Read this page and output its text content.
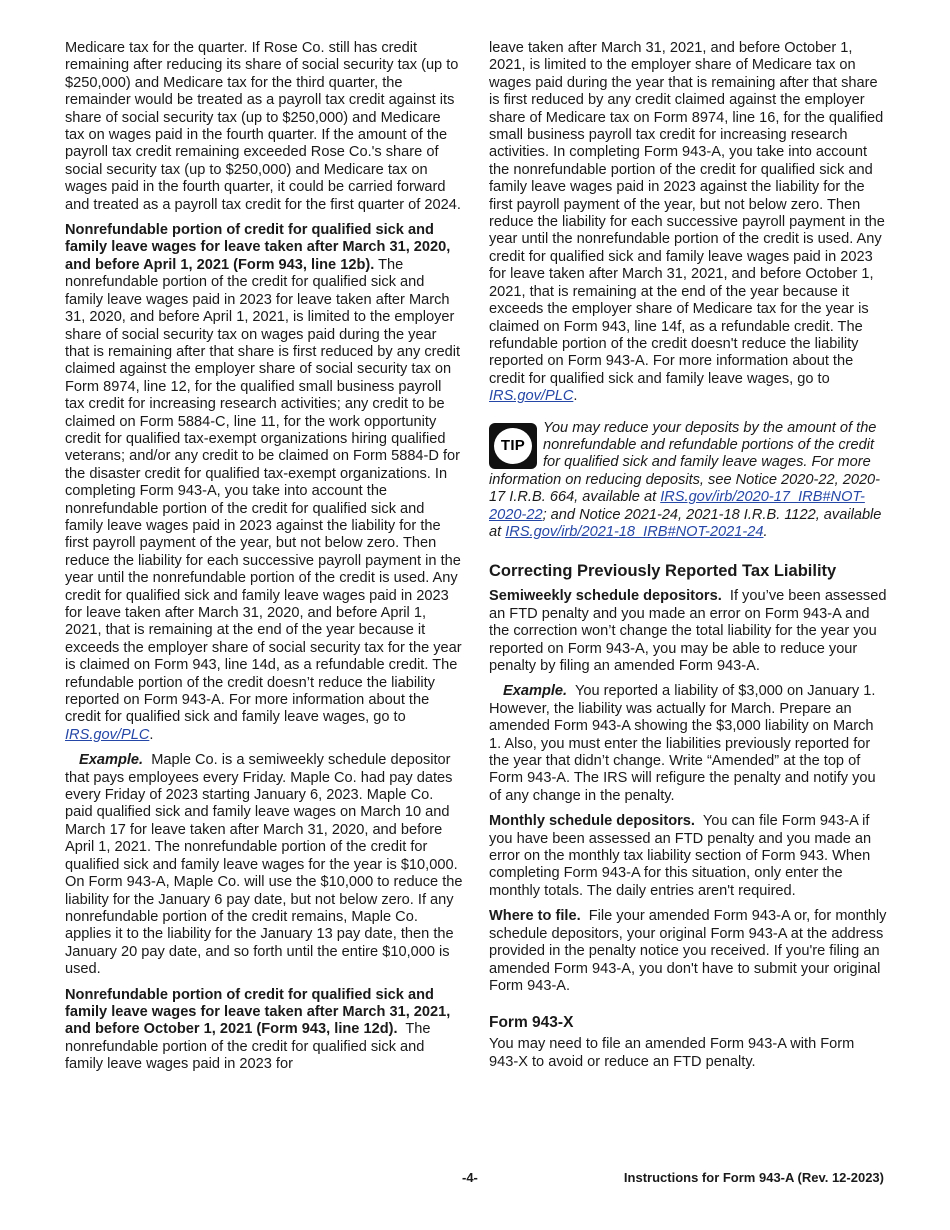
Medicare tax for the quarter. If Rose Co. still has credit remaining after reducing its share of social security tax (up to $250,000) and Medicare tax for the third quarter, the remainder would be treated as a payroll tax credit against its share of social security tax (up to $250,000) and Medicare tax on wages paid in the fourth quarter. If the amount of the payroll tax credit remaining exceeded Rose Co.'s share of social security tax (up to $250,000) and Medicare tax on wages paid in the fourth quarter, it could be carried forward and treated as a payroll tax credit for the first quarter of 2024.

Nonrefundable portion of credit for qualified sick and family leave wages for leave taken after March 31, 2020, and before April 1, 2021 (Form 943, line 12b). The nonrefundable portion of the credit for qualified sick and family leave wages paid in 2023 for leave taken after March 31, 2020, and before April 1, 2021, is limited to the employer share of social security tax on wages paid during the year that is remaining after that share is first reduced by any credit claimed against the employer share of social security tax on Form 8974, line 12, for the qualified small business payroll tax credit for increasing research activities; any credit to be claimed on Form 5884-C, line 11, for the work opportunity credit for qualified tax-exempt organizations hiring qualified veterans; and/or any credit to be claimed on Form 5884-D for the disaster credit for qualified tax-exempt organizations. In completing Form 943-A, you take into account the nonrefundable portion of the credit for qualified sick and family leave wages paid in 2023 against the liability for the first payroll payment of the year, but not below zero. Then reduce the liability for each successive payroll payment in the year until the nonrefundable portion of the credit is used. Any credit for qualified sick and family leave wages paid in 2023 for leave taken after March 31, 2020, and before April 1, 2021, that is remaining at the end of the year because it exceeds the employer share of social security tax for the year is claimed on Form 943, line 14d, as a refundable credit. The refundable portion of the credit doesn’t reduce the liability reported on Form 943-A. For more information about the credit for qualified sick and family leave wages, go to IRS.gov/PLC.

Example. Maple Co. is a semiweekly schedule depositor that pays employees every Friday. Maple Co. had pay dates every Friday of 2023 starting January 6, 2023. Maple Co. paid qualified sick and family leave wages on March 10 and March 17 for leave taken after March 31, 2020, and before April 1, 2021. The nonrefundable portion of the credit for qualified sick and family leave wages for the year is $10,000. On Form 943-A, Maple Co. will use the $10,000 to reduce the liability for the January 6 pay date, but not below zero. If any nonrefundable portion of the credit remains, Maple Co. applies it to the liability for the January 13 pay date, then the January 20 pay date, and so forth until the entire $10,000 is used.

Nonrefundable portion of credit for qualified sick and family leave wages for leave taken after March 31, 2021, and before October 1, 2021 (Form 943, line 12d). The nonrefundable portion of the credit for qualified sick and family leave wages paid in 2023 for

leave taken after March 31, 2021, and before October 1, 2021, is limited to the employer share of Medicare tax on wages paid during the year that is remaining after that share is first reduced by any credit claimed against the employer share of Medicare tax on Form 8974, line 16, for the qualified small business payroll tax credit for increasing research activities. In completing Form 943-A, you take into account the nonrefundable portion of the credit for qualified sick and family leave wages paid in 2023 against the liability for the first payroll payment of the year, but not below zero. Then reduce the liability for each successive payroll payment in the year until the nonrefundable portion of the credit is used. Any credit for qualified sick and family leave wages paid in 2023 for leave taken after March 31, 2021, and before October 1, 2021, that is remaining at the end of the year because it exceeds the employer share of Medicare tax for the year is claimed on Form 943, line 14f, as a refundable credit. The refundable portion of the credit doesn't reduce the liability reported on Form 943-A. For more information about the credit for qualified sick and family leave wages, go to IRS.gov/PLC.

TIP
You may reduce your deposits by the amount of the nonrefundable and refundable portions of the credit for qualified sick and family leave wages. For more information on reducing deposits, see Notice 2020-22, 2020-17 I.R.B. 664, available at IRS.gov/irb/2020-17_IRB#NOT-2020-22; and Notice 2021-24, 2021-18 I.R.B. 1122, available at IRS.gov/irb/2021-18_IRB#NOT-2021-24.
Correcting Previously Reported Tax Liability

Semiweekly schedule depositors. If you’ve been assessed an FTD penalty and you made an error on Form 943-A and the correction won’t change the total liability for the year you reported on Form 943-A, you may be able to reduce your penalty by filing an amended Form 943-A.

Example. You reported a liability of $3,000 on January 1. However, the liability was actually for March. Prepare an amended Form 943-A showing the $3,000 liability on March 1. Also, you must enter the liabilities previously reported for the year that didn’t change. Write “Amended” at the top of Form 943-A. The IRS will refigure the penalty and notify you of any change in the penalty.

Monthly schedule depositors. You can file Form 943-A if you have been assessed an FTD penalty and you made an error on the monthly tax liability section of Form 943. When completing Form 943-A for this situation, only enter the monthly totals. The daily entries aren't required.

Where to file. File your amended Form 943-A or, for monthly schedule depositors, your original Form 943-A at the address provided in the penalty notice you received. If you're filing an amended Form 943-A, you don't have to submit your original Form 943-A.

Form 943-X

You may need to file an amended Form 943-A with Form 943-X to avoid or reduce an FTD penalty.

-4-	Instructions for Form 943-A (Rev. 12-2023)
